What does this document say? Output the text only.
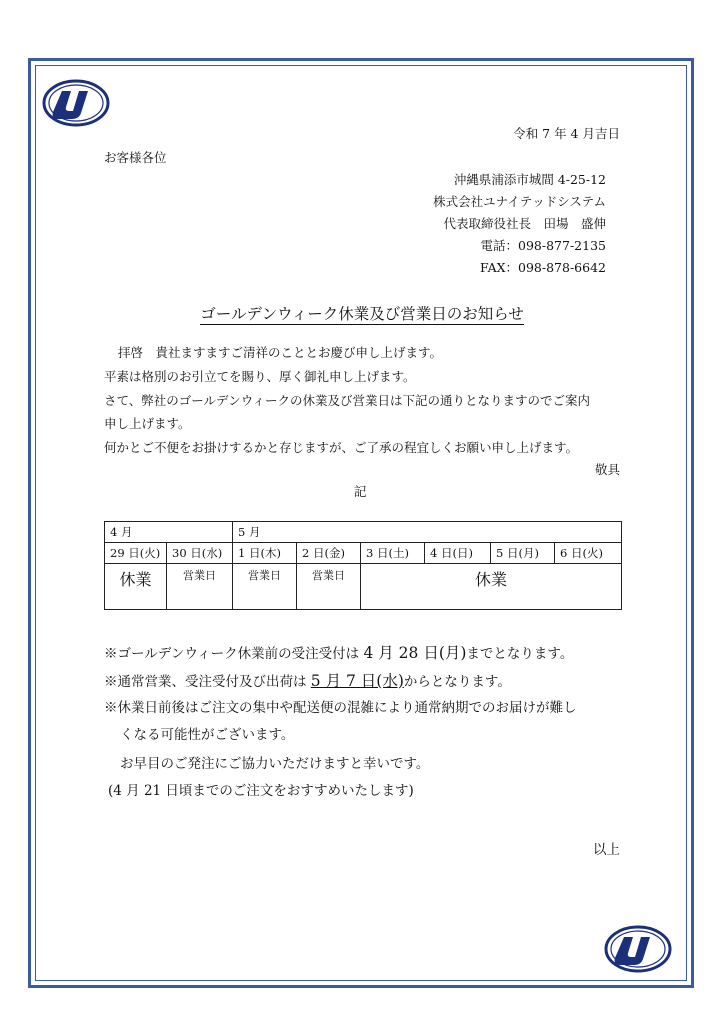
令和 7 年 4 月吉日
お客様各位
沖縄県浦添市城間 4-25-12
株式会社ユナイテッドシステム
代表取締役社長　田場　盛伸
電話：098-877-2135
FAX：098-878-6642
ゴールデンウィーク休業及び営業日のお知らせ
拝啓　貴社ますますご清祥のこととお慶び申し上げます。
平素は格別のお引立てを賜り、厚く御礼申し上げます。
さて、弊社のゴールデンウィークの休業及び営業日は下記の通りとなりますのでご案内
申し上げます。
何かとご不便をお掛けするかと存じますが、ご了承の程宜しくお願い申し上げます。
敬具
記
4 月		5 月					
29 日(火)	30 日(水)	1 日(木)	2 日(金)	3 日(土)	4 日(日)	5 日(月)	6 日(火)
休業	営業日	営業日	営業日	休業			
※ゴールデンウィーク休業前の受注受付は 4 月 28 日(月)までとなります。
※通常営業、受注受付及び出荷は 5 月 7 日(水)からとなります。
※休業日前後はご注文の集中や配送便の混雑により通常納期でのお届けが難し
くなる可能性がございます。
お早目のご発注にご協力いただけますと幸いです。
(4 月 21 日頃までのご注文をおすすめいたします)
以上
